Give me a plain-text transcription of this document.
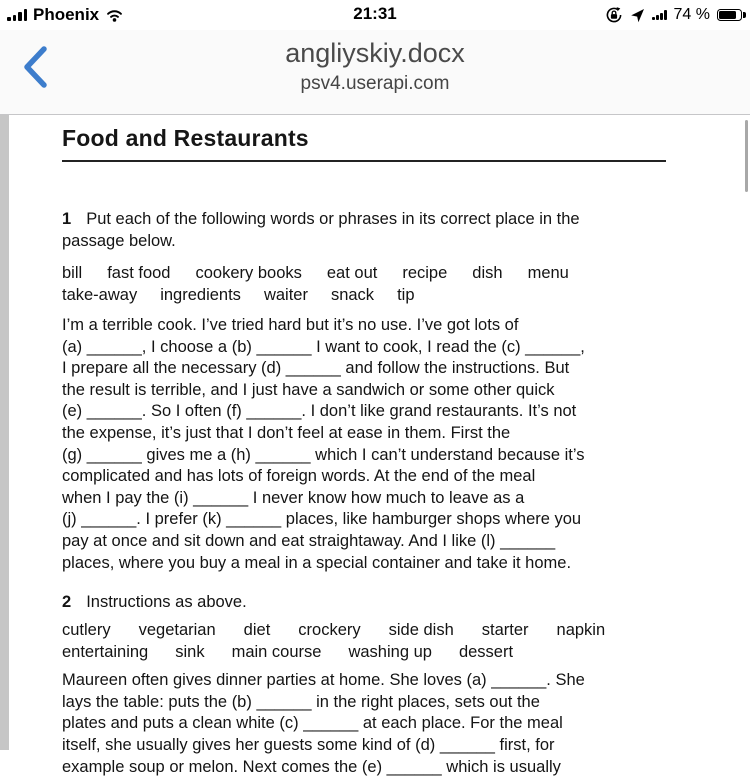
Phoenix	21:31	74 %
angliyskiy.docx
psv4.userapi.com
Food and Restaurants
1 Put each of the following words or phrases in its correct place in the
passage below.
bill fast food cookery books eat out recipe dish menu
take-away ingredients waiter snack tip
I’m a terrible cook. I’ve tried hard but it’s no use. I’ve got lots of
(a) ______, I choose a (b) ______ I want to cook, I read the (c) ______,
I prepare all the necessary (d) ______ and follow the instructions. But
the result is terrible, and I just have a sandwich or some other quick
(e) ______. So I often (f) ______. I don’t like grand restaurants. It’s not
the expense, it’s just that I don’t feel at ease in them. First the
(g) ______ gives me a (h) ______ which I can’t understand because it’s
complicated and has lots of foreign words. At the end of the meal
when I pay the (i) ______ I never know how much to leave as a
(j) ______. I prefer (k) ______ places, like hamburger shops where you
pay at once and sit down and eat straightaway. And I like (l) ______
places, where you buy a meal in a special container and take it home.
2 Instructions as above.
cutlery vegetarian diet crockery side dish starter napkin
entertaining sink main course washing up dessert
Maureen often gives dinner parties at home. She loves (a) ______. She
lays the table: puts the (b) ______ in the right places, sets out the
plates and puts a clean white (c) ______ at each place. For the meal
itself, she usually gives her guests some kind of (d) ______ first, for
example soup or melon. Next comes the (e) ______ which is usually
